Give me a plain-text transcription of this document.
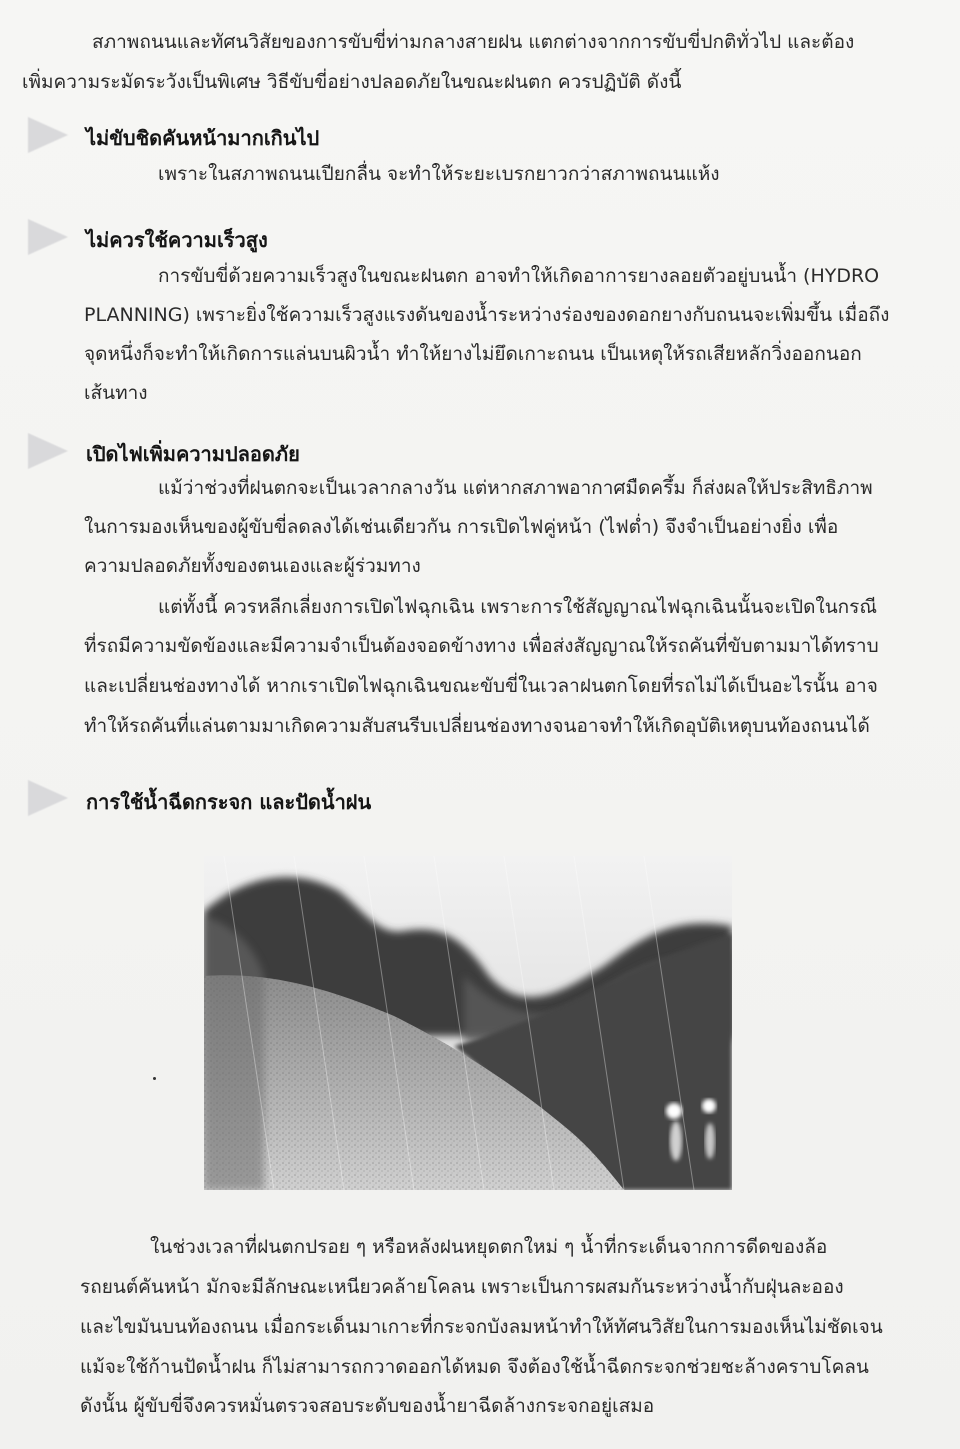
สภาพถนนและทัศนวิสัยของการขับขี่ท่ามกลางสายฝน แตกต่างจากการขับขี่ปกติทั่วไป และต้อง
เพิ่มความระมัดระวังเป็นพิเศษ วิธีขับขี่อย่างปลอดภัยในขณะฝนตก ควรปฏิบัติ ดังนี้
ไม่ขับชิดคันหน้ามากเกินไป
เพราะในสภาพถนนเปียกลื่น จะทำให้ระยะเบรกยาวกว่าสภาพถนนแห้ง
ไม่ควรใช้ความเร็วสูง
การขับขี่ด้วยความเร็วสูงในขณะฝนตก อาจทำให้เกิดอาการยางลอยตัวอยู่บนน้ำ (HYDRO
PLANNING) เพราะยิ่งใช้ความเร็วสูงแรงดันของน้ำระหว่างร่องของดอกยางกับถนนจะเพิ่มขึ้น เมื่อถึง
จุดหนึ่งก็จะทำให้เกิดการแล่นบนผิวน้ำ ทำให้ยางไม่ยึดเกาะถนน เป็นเหตุให้รถเสียหลักวิ่งออกนอก
เส้นทาง
เปิดไฟเพิ่มความปลอดภัย
แม้ว่าช่วงที่ฝนตกจะเป็นเวลากลางวัน แต่หากสภาพอากาศมืดครึ้ม ก็ส่งผลให้ประสิทธิภาพ
ในการมองเห็นของผู้ขับขี่ลดลงได้เช่นเดียวกัน การเปิดไฟคู่หน้า (ไฟต่ำ) จึงจำเป็นอย่างยิ่ง เพื่อ
ความปลอดภัยทั้งของตนเองและผู้ร่วมทาง
แต่ทั้งนี้ ควรหลีกเลี่ยงการเปิดไฟฉุกเฉิน เพราะการใช้สัญญาณไฟฉุกเฉินนั้นจะเปิดในกรณี
ที่รถมีความขัดข้องและมีความจำเป็นต้องจอดข้างทาง เพื่อส่งสัญญาณให้รถคันที่ขับตามมาได้ทราบ
และเปลี่ยนช่องทางได้ หากเราเปิดไฟฉุกเฉินขณะขับขี่ในเวลาฝนตกโดยที่รถไม่ได้เป็นอะไรนั้น อาจ
ทำให้รถคันที่แล่นตามมาเกิดความสับสนรีบเปลี่ยนช่องทางจนอาจทำให้เกิดอุบัติเหตุบนท้องถนนได้
การใช้น้ำฉีดกระจก และปัดน้ำฝน
ในช่วงเวลาที่ฝนตกปรอย ๆ หรือหลังฝนหยุดตกใหม่ ๆ น้ำที่กระเด็นจากการดีดของล้อ
รถยนต์คันหน้า มักจะมีลักษณะเหนียวคล้ายโคลน เพราะเป็นการผสมกันระหว่างน้ำกับฝุ่นละออง
และไขมันบนท้องถนน เมื่อกระเด็นมาเกาะที่กระจกบังลมหน้าทำให้ทัศนวิสัยในการมองเห็นไม่ชัดเจน
แม้จะใช้ก้านปัดน้ำฝน ก็ไม่สามารถกวาดออกได้หมด จึงต้องใช้น้ำฉีดกระจกช่วยชะล้างคราบโคลน
ดังนั้น ผู้ขับขี่จึงควรหมั่นตรวจสอบระดับของน้ำยาฉีดล้างกระจกอยู่เสมอ
